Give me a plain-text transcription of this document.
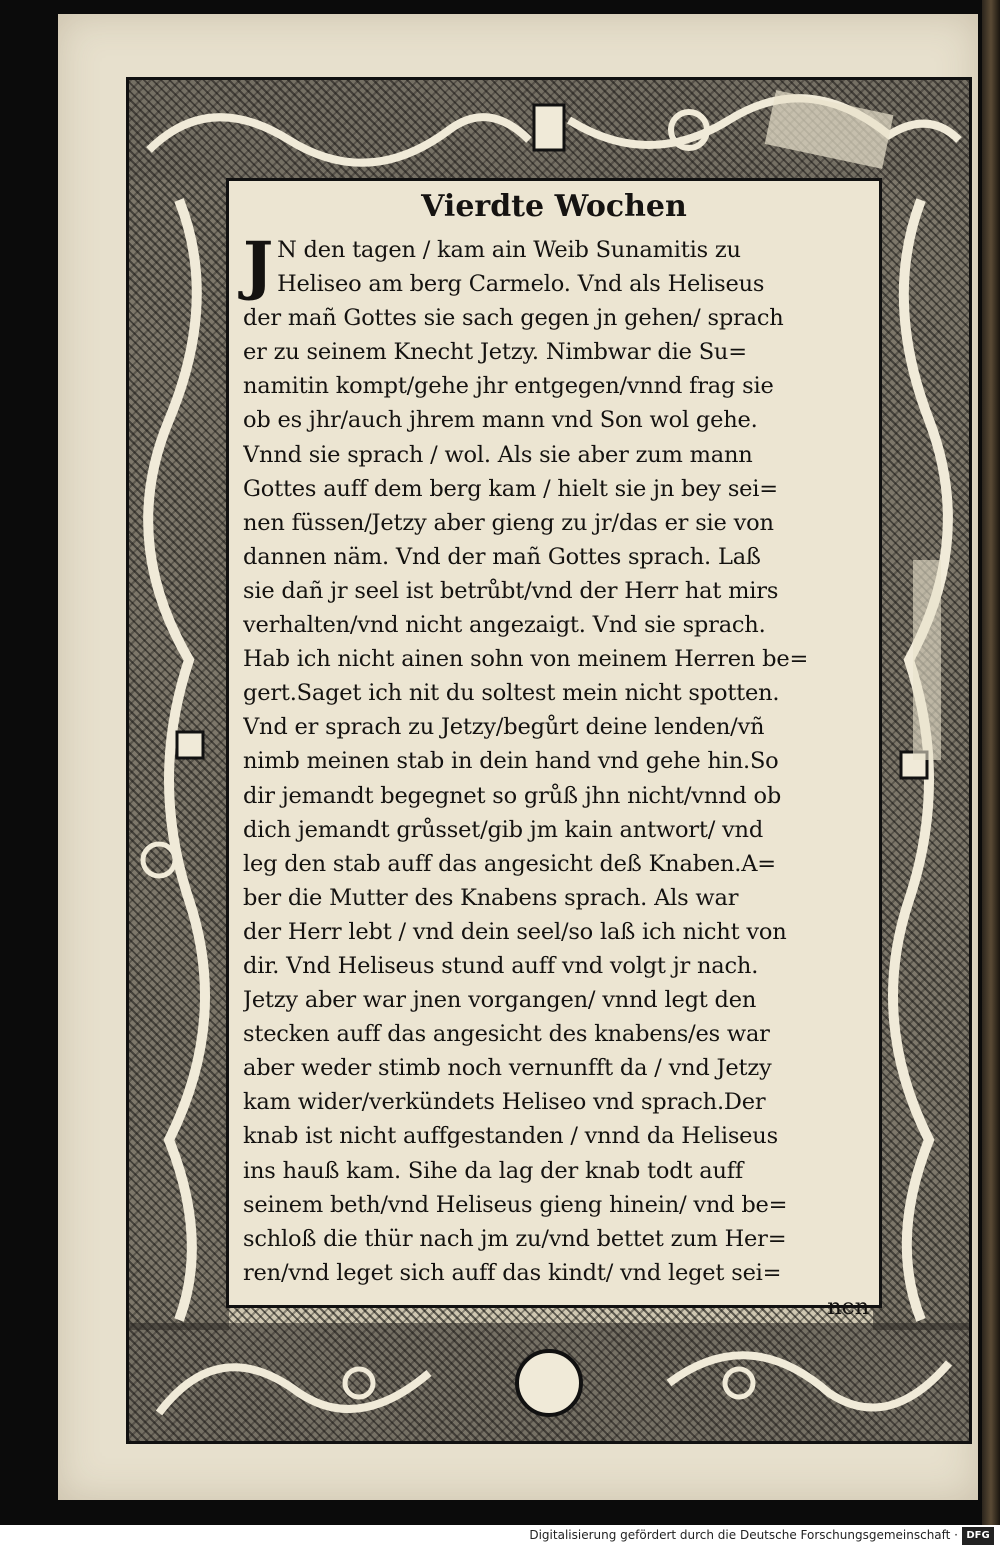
Vierdte Wochen
J N den tagen / kam ain Weib Sunamitis zu
Heliseo am berg Carmelo. Vnd als Heliseus
der mañ Gottes sie sach gegen jn gehen/ sprach
er zu seinem Knecht Jetzy. Nimbwar die Su=
namitin kompt/gehe jhr entgegen/vnnd frag sie
ob es jhr/auch jhrem mann vnd Son wol gehe.
Vnnd sie sprach / wol. Als sie aber zum mann
Gottes auff dem berg kam / hielt sie jn bey sei=
nen füssen/Jetzy aber gieng zu jr/das er sie von
dannen näm. Vnd der mañ Gottes sprach. Laß
sie dañ jr seel ist betrůbt/vnd der Herr hat mirs
verhalten/vnd nicht angezaigt. Vnd sie sprach.
Hab ich nicht ainen sohn von meinem Herren be=
gert.Saget ich nit du soltest mein nicht spotten.
Vnd er sprach zu Jetzy/begůrt deine lenden/vñ
nimb meinen stab in dein hand vnd gehe hin.So
dir jemandt begegnet so grůß jhn nicht/vnnd ob
dich jemandt grůsset/gib jm kain antwort/ vnd
leg den stab auff das angesicht deß Knaben.A=
ber die Mutter des Knabens sprach. Als war
der Herr lebt / vnd dein seel/so laß ich nicht von
dir. Vnd Heliseus stund auff vnd volgt jr nach.
Jetzy aber war jnen vorgangen/ vnnd legt den
stecken auff das angesicht des knabens/es war
aber weder stimb noch vernunfft da / vnd Jetzy
kam wider/verkündets Heliseo vnd sprach.Der
knab ist nicht auffgestanden / vnnd da Heliseus
ins hauß kam. Sihe da lag der knab todt auff
seinem beth/vnd Heliseus gieng hinein/ vnd be=
schloß die thür nach jm zu/vnd bettet zum Her=
ren/vnd leget sich auff das kindt/ vnd leget sei=
nen
Digitalisierung gefördert durch die Deutsche Forschungsgemeinschaft · DFG
